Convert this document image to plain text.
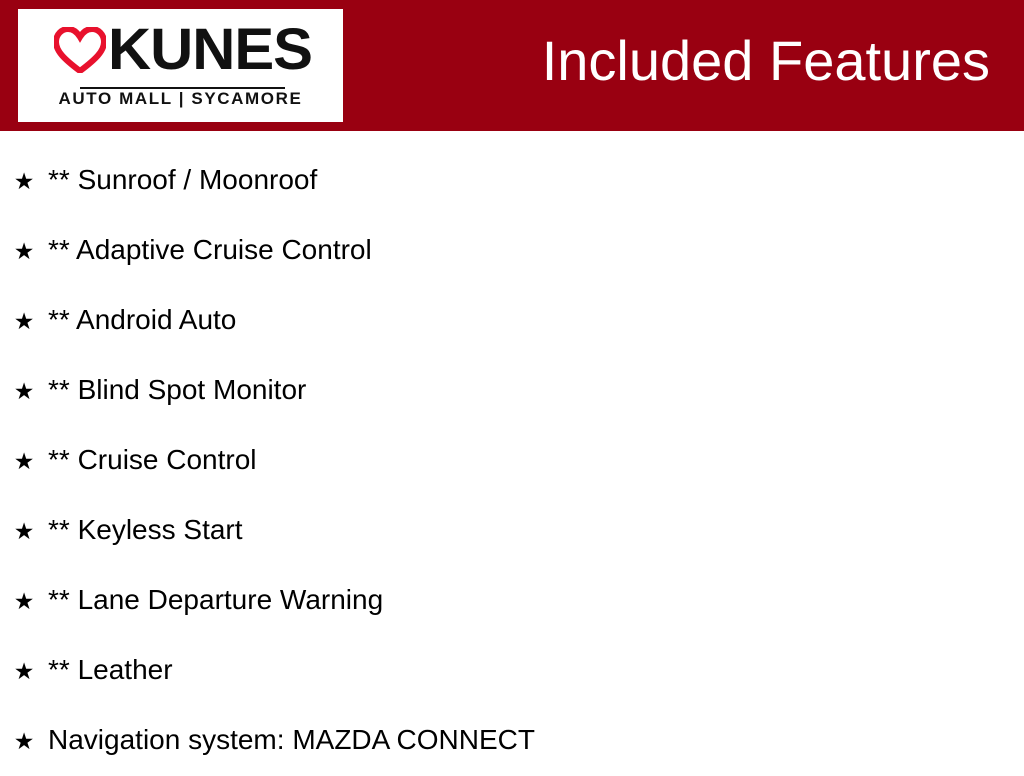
KUNES
AUTO MALL | SYCAMORE
Included Features
★ ** Sunroof / Moonroof
★ ** Adaptive Cruise Control
★ ** Android Auto
★ ** Blind Spot Monitor
★ ** Cruise Control
★ ** Keyless Start
★ ** Lane Departure Warning
★ ** Leather
★ Navigation system: MAZDA CONNECT
